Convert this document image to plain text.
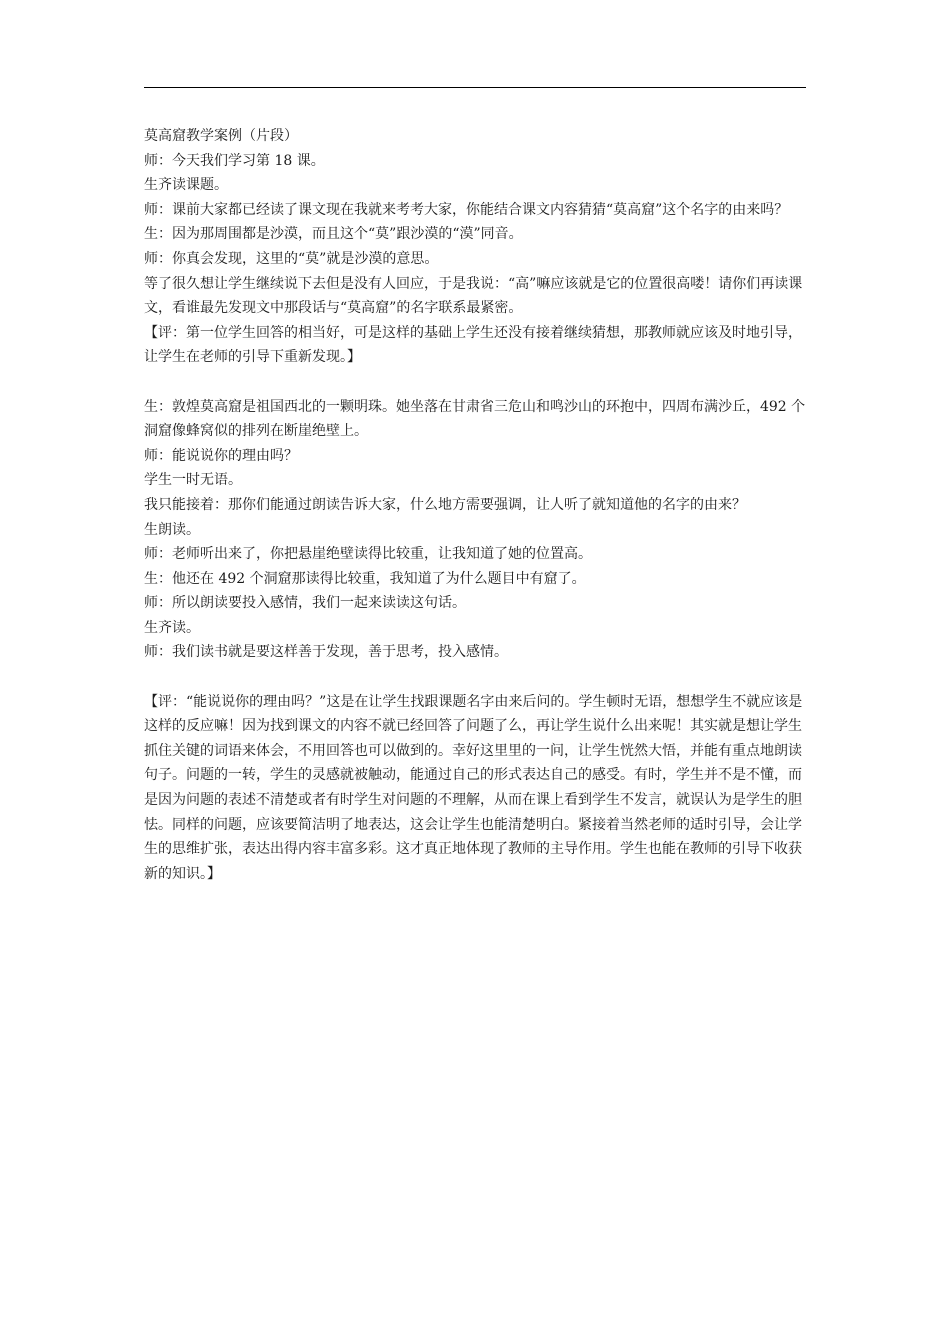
莫高窟教学案例（片段）

师：今天我们学习第 18 课。

生齐读课题。

师：课前大家都已经读了课文现在我就来考考大家，你能结合课文内容猜猜“莫高窟”这个名字的由来吗？

生：因为那周围都是沙漠，而且这个“莫”跟沙漠的“漠”同音。

师：你真会发现，这里的“莫”就是沙漠的意思。

等了很久想让学生继续说下去但是没有人回应，于是我说：“高”嘛应该就是它的位置很高喽！请你们再读课文，看谁最先发现文中那段话与“莫高窟”的名字联系最紧密。

【评：第一位学生回答的相当好，可是这样的基础上学生还没有接着继续猜想，那教师就应该及时地引导，让学生在老师的引导下重新发现。】

生：敦煌莫高窟是祖国西北的一颗明珠。她坐落在甘肃省三危山和鸣沙山的环抱中，四周布满沙丘，492 个洞窟像蜂窝似的排列在断崖绝壁上。

师：能说说你的理由吗？

学生一时无语。

我只能接着：那你们能通过朗读告诉大家，什么地方需要强调，让人听了就知道他的名字的由来？

生朗读。

师：老师听出来了，你把悬崖绝壁读得比较重，让我知道了她的位置高。

生：他还在 492 个洞窟那读得比较重，我知道了为什么题目中有窟了。

师：所以朗读要投入感情，我们一起来读读这句话。

生齐读。

师：我们读书就是要这样善于发现，善于思考，投入感情。

【评：“能说说你的理由吗？”这是在让学生找跟课题名字由来后问的。学生顿时无语，想想学生不就应该是这样的反应嘛！因为找到课文的内容不就已经回答了问题了么，再让学生说什么出来呢！其实就是想让学生抓住关键的词语来体会，不用回答也可以做到的。幸好这里里的一问，让学生恍然大悟，并能有重点地朗读句子。问题的一转，学生的灵感就被触动，能通过自己的形式表达自己的感受。有时，学生并不是不懂，而是因为问题的表述不清楚或者有时学生对问题的不理解，从而在课上看到学生不发言，就误认为是学生的胆怯。同样的问题，应该要简洁明了地表达，这会让学生也能清楚明白。紧接着当然老师的适时引导，会让学生的思维扩张，表达出得内容丰富多彩。这才真正地体现了教师的主导作用。学生也能在教师的引导下收获新的知识。】
